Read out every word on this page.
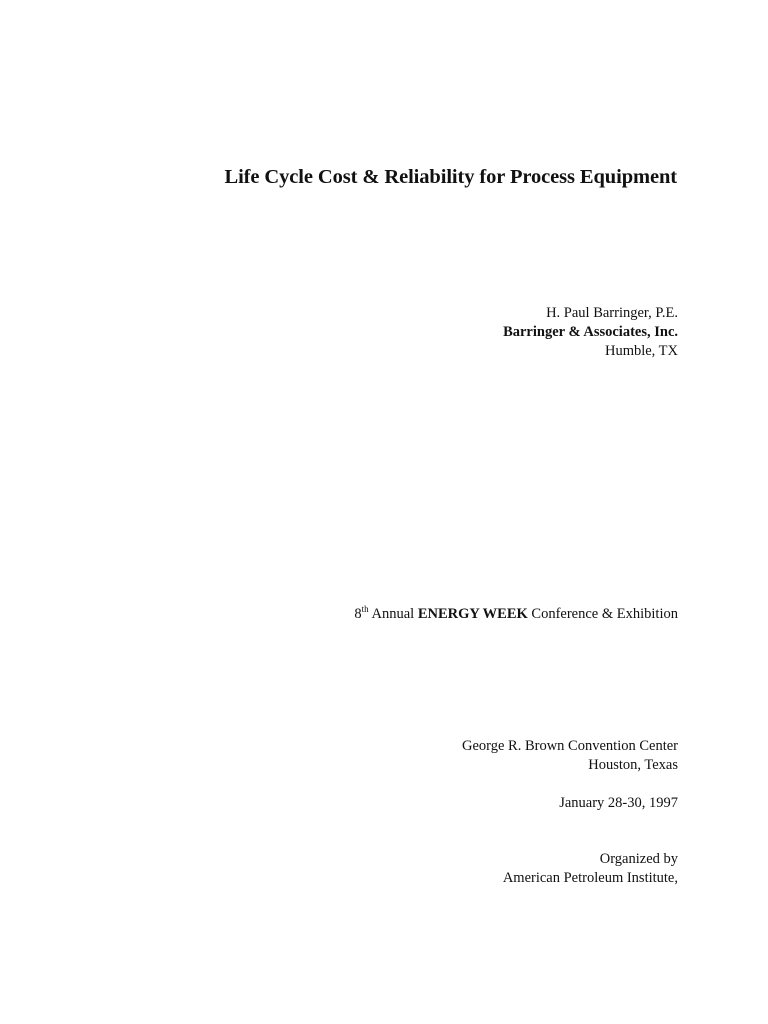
Life Cycle Cost & Reliability for Process Equipment
H. Paul Barringer, P.E.
Barringer & Associates, Inc.
Humble, TX
8th Annual ENERGY WEEK Conference & Exhibition
George R. Brown Convention Center
Houston, Texas
January 28-30, 1997
Organized by
American Petroleum Institute,
